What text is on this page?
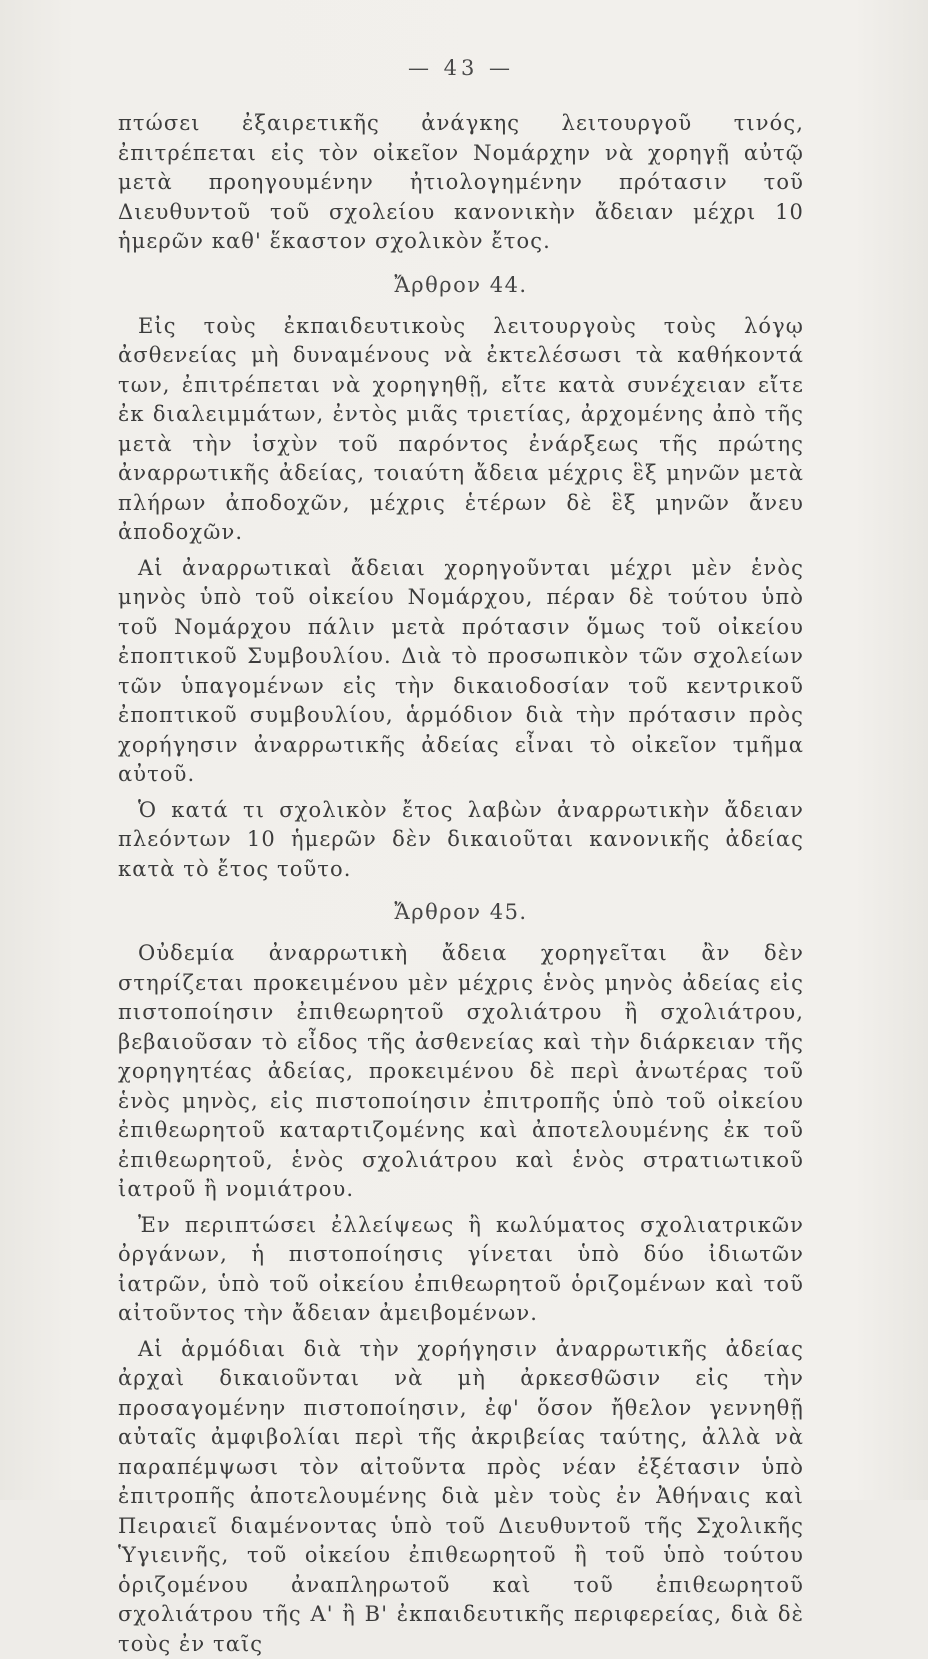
— 43 —

πτώσει ἐξαιρετικῆς ἀνάγκης λειτουργοῦ τινός, ἐπιτρέπεται εἰς τὸν οἰκεῖον Νομάρχην νὰ χορηγῇ αὐτῷ μετὰ προηγουμένην ἠτιολογημένην πρότασιν τοῦ Διευθυντοῦ τοῦ σχολείου κανονικὴν ἄδειαν μέχρι 10 ἡμερῶν καθ' ἕκαστον σχολικὸν ἔτος.

Ἄρθρον 44.

Εἰς τοὺς ἐκπαιδευτικοὺς λειτουργοὺς τοὺς λόγῳ ἀσθενείας μὴ δυναμένους νὰ ἐκτελέσωσι τὰ καθήκοντά των, ἐπιτρέπεται νὰ χορηγηθῇ, εἴτε κατὰ συνέχειαν εἴτε ἐκ διαλειμμάτων, ἐντὸς μιᾶς τριετίας, ἀρχομένης ἀπὸ τῆς μετὰ τὴν ἰσχὺν τοῦ παρόντος ἐνάρξεως τῆς πρώτης ἀναρρωτικῆς ἀδείας, τοιαύτη ἄδεια μέχρις ἓξ μηνῶν μετὰ πλήρων ἀποδοχῶν, μέχρις ἑτέρων δὲ ἓξ μηνῶν ἄνευ ἀποδοχῶν.

Αἱ ἀναρρωτικαὶ ἄδειαι χορηγοῦνται μέχρι μὲν ἑνὸς μηνὸς ὑπὸ τοῦ οἰκείου Νομάρχου, πέραν δὲ τούτου ὑπὸ τοῦ Νομάρχου πάλιν μετὰ πρότασιν ὅμως τοῦ οἰκείου ἐποπτικοῦ Συμβουλίου. Διὰ τὸ προσωπικὸν τῶν σχολείων τῶν ὑπαγομένων εἰς τὴν δικαιοδοσίαν τοῦ κεντρικοῦ ἐποπτικοῦ συμβουλίου, ἁρμόδιον διὰ τὴν πρότασιν πρὸς χορήγησιν ἀναρρωτικῆς ἀδείας εἶναι τὸ οἰκεῖον τμῆμα αὐτοῦ.

Ὁ κατά τι σχολικὸν ἔτος λαβὼν ἀναρρωτικὴν ἄδειαν πλεόντων 10 ἡμερῶν δὲν δικαιοῦται κανονικῆς ἀδείας κατὰ τὸ ἔτος τοῦτο.

Ἄρθρον 45.

Οὐδεμία ἀναρρωτικὴ ἄδεια χορηγεῖται ἂν δὲν στηρίζεται προκειμένου μὲν μέχρις ἑνὸς μηνὸς ἀδείας εἰς πιστοποίησιν ἐπιθεωρητοῦ σχολιάτρου ἢ σχολιάτρου, βεβαιοῦσαν τὸ εἶδος τῆς ἀσθενείας καὶ τὴν διάρκειαν τῆς χορηγητέας ἀδείας, προκειμένου δὲ περὶ ἀνωτέρας τοῦ ἑνὸς μηνὸς, εἰς πιστοποίησιν ἐπιτροπῆς ὑπὸ τοῦ οἰκείου ἐπιθεωρητοῦ καταρτιζομένης καὶ ἀποτελουμένης ἐκ τοῦ ἐπιθεωρητοῦ, ἑνὸς σχολιάτρου καὶ ἑνὸς στρατιωτικοῦ ἰατροῦ ἢ νομιάτρου.

Ἐν περιπτώσει ἐλλείψεως ἢ κωλύματος σχολιατρικῶν ὀργάνων, ἡ πιστοποίησις γίνεται ὑπὸ δύο ἰδιωτῶν ἰατρῶν, ὑπὸ τοῦ οἰκείου ἐπιθεωρητοῦ ὁριζομένων καὶ τοῦ αἰτοῦντος τὴν ἄδειαν ἀμειβομένων.

Αἱ ἁρμόδιαι διὰ τὴν χορήγησιν ἀναρρωτικῆς ἀδείας ἀρχαὶ δικαιοῦνται νὰ μὴ ἀρκεσθῶσιν εἰς τὴν προσαγομένην πιστοποίησιν, ἐφ' ὅσον ἤθελον γεννηθῇ αὐταῖς ἀμφιβολίαι περὶ τῆς ἀκριβείας ταύτης, ἀλλὰ νὰ παραπέμψωσι τὸν αἰτοῦντα πρὸς νέαν ἐξέτασιν ὑπὸ ἐπιτροπῆς ἀποτελουμένης διὰ μὲν τοὺς ἐν Ἀθήναις καὶ Πειραιεῖ διαμένοντας ὑπὸ τοῦ Διευθυντοῦ τῆς Σχολικῆς Ὑγιεινῆς, τοῦ οἰκείου ἐπιθεωρητοῦ ἢ τοῦ ὑπὸ τούτου ὁριζομένου ἀναπληρωτοῦ καὶ τοῦ ἐπιθεωρητοῦ σχολιάτρου τῆς Α' ἢ Β' ἐκπαιδευτικῆς περιφερείας, διὰ δὲ τοὺς ἐν ταῖς
